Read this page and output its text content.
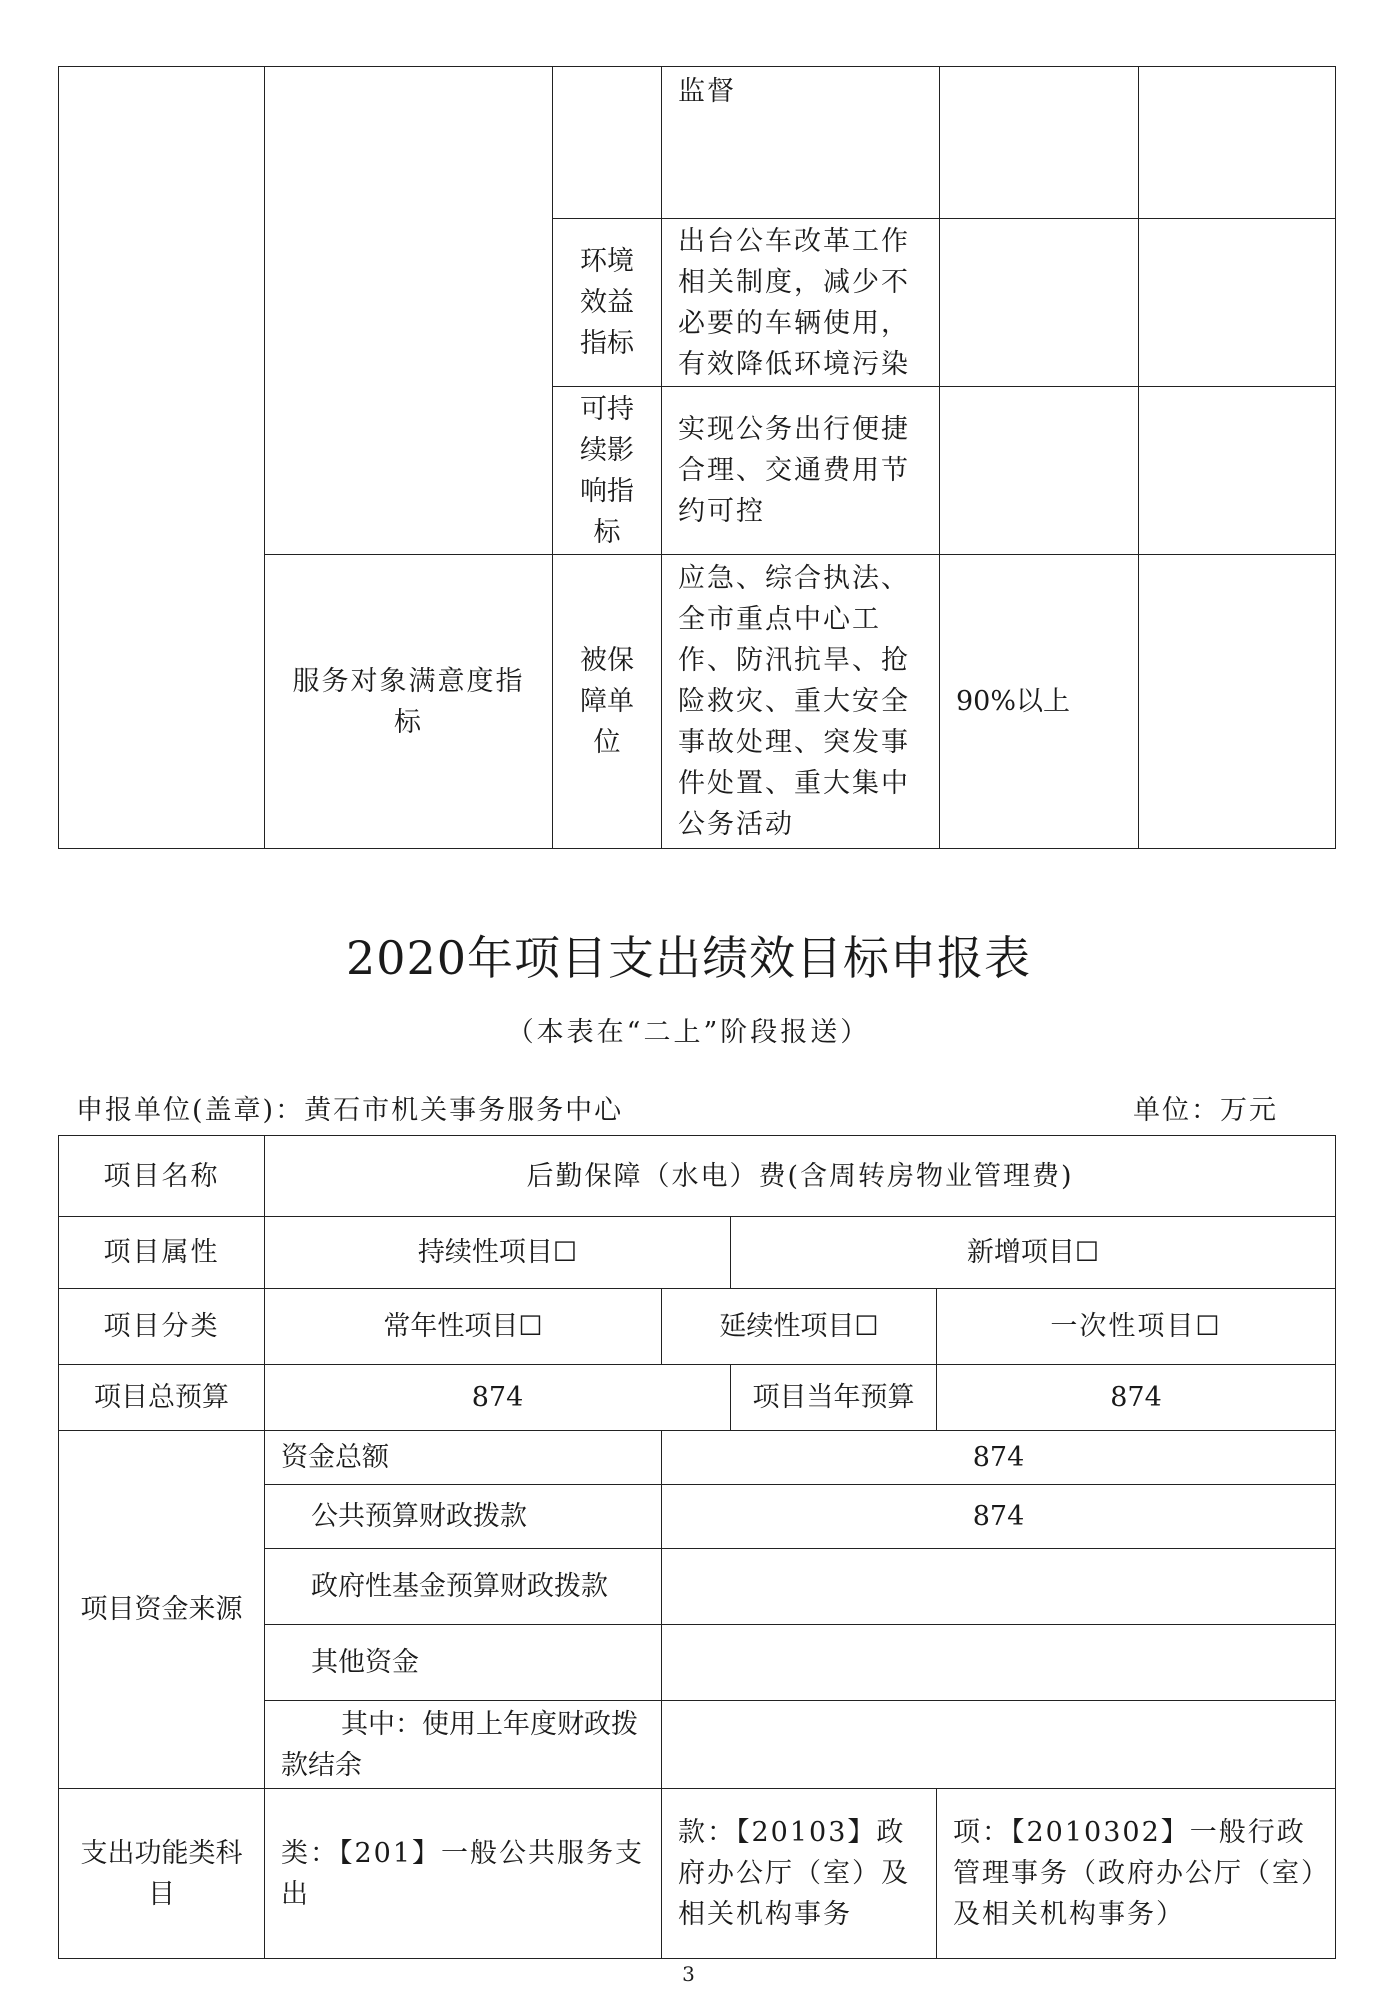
			监督		
		环境效益指标	出台公车改革工作相关制度，减少不必要的车辆使用，有效降低环境污染		
		可持续影响指标	实现公务出行便捷合理、交通费用节约可控		
	服务对象满意度指标	被保障单位	应急、综合执法、全市重点中心工作、防汛抗旱、抢险救灾、重大安全事故处理、突发事件处置、重大集中公务活动	90%以上	
2020年项目支出绩效目标申报表
（本表在“二上”阶段报送）
申报单位(盖章)：黄石市机关事务服务中心	单位：万元
项目名称	后勤保障（水电）费(含周转房物业管理费)			
项目属性	持续性项目☐		新增项目☐	
项目分类	常年性项目☐	延续性项目☐		一次性项目☐
项目总预算	874		项目当年预算	874
项目资金来源	资金总额	874		
	公共预算财政拨款	874		
	政府性基金预算财政拨款			
	其他资金			
	其中：使用上年度财政拨款结余			
支出功能类科目	类：【201】一般公共服务支出	款：【20103】政府办公厅（室）及相关机构事务		项：【2010302】一般行政管理事务（政府办公厅（室）及相关机构事务）
3
